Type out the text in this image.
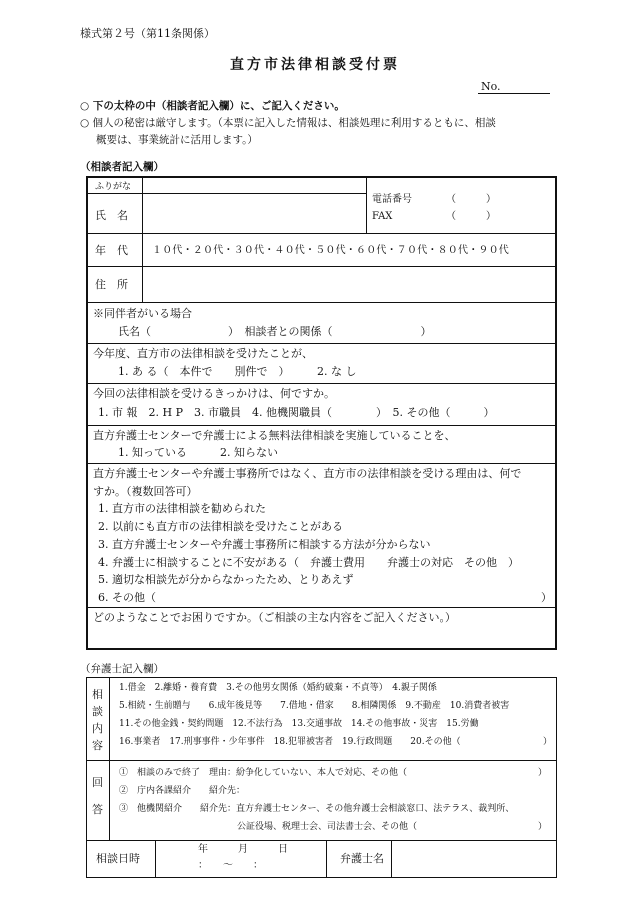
様式第２号（第11条関係）
直方市法律相談受付票
No.
○ 下の太枠の中（相談者記入欄）に、ご記入ください。
○ 個人の秘密は厳守します。（本票に記入した情報は、相談処理に利用するともに、相談
概要は、事業統計に活用します。）
（相談者記入欄）
ふりがな
氏　名
電話番号	（　　　）
FAX	（　　　）
年　代 １０代・２０代・３０代・４０代・５０代・６０代・７０代・８０代・９０代
住　所
※同伴者がいる場合
氏名（　　　　　　　）　相談者との関係（　　　　　　　　）
今年度、直方市の法律相談を受けたことが、
1. あ る（　本件で　　別件で　）　　　2. な し
今回の法律相談を受けるきっかけは、何ですか。
1. 市 報　2. H P　3. 市職員　4. 他機関職員（　　　　）　5. その他（　　　）
直方弁護士センターで弁護士による無料法律相談を実施していることを、
1. 知っている　　　2. 知らない
直方弁護士センターや弁護士事務所ではなく、直方市の法律相談を受ける理由は、何で
すか。（複数回答可）
1. 直方市の法律相談を勧められた
2. 以前にも直方市の法律相談を受けたことがある
3. 直方弁護士センターや弁護士事務所に相談する方法が分からない
4. 弁護士に相談することに不安がある（　弁護士費用　　弁護士の対応　その他　）
5. 適切な相談先が分からなかったため、とりあえず
6. その他（	）
どのようなことでお困りですか。（ご相談の主な内容をご記入ください。）
（弁護士記入欄）
相
談
内
容
1.借金　2.離婚・養育費　3.その他男女関係（婚約破棄・不貞等）　4.親子関係
5.相続・生前贈与　　6.成年後見等　　7.借地・借家　　8.相隣関係　9.不動産　10.消費者被害
11.その他金銭・契約問題　12.不法行為　13.交通事故　14.その他事故・災害　15.労働
16.事業者　17.刑事事件・少年事件　18.犯罪被害者　19.行政問題　　20.その他（	）
回
答
①　相談のみで終了　理由：紛争化していない、本人で対応、その他（	）
②　庁内各課紹介　　紹介先：
③　他機関紹介　　紹介先：直方弁護士センター、その他弁護士会相談窓口、法テラス、裁判所、
公証役場、税理士会、司法書士会、その他（	）
相談日時
年　　　月　　　日
：　　～　　：
弁護士名
